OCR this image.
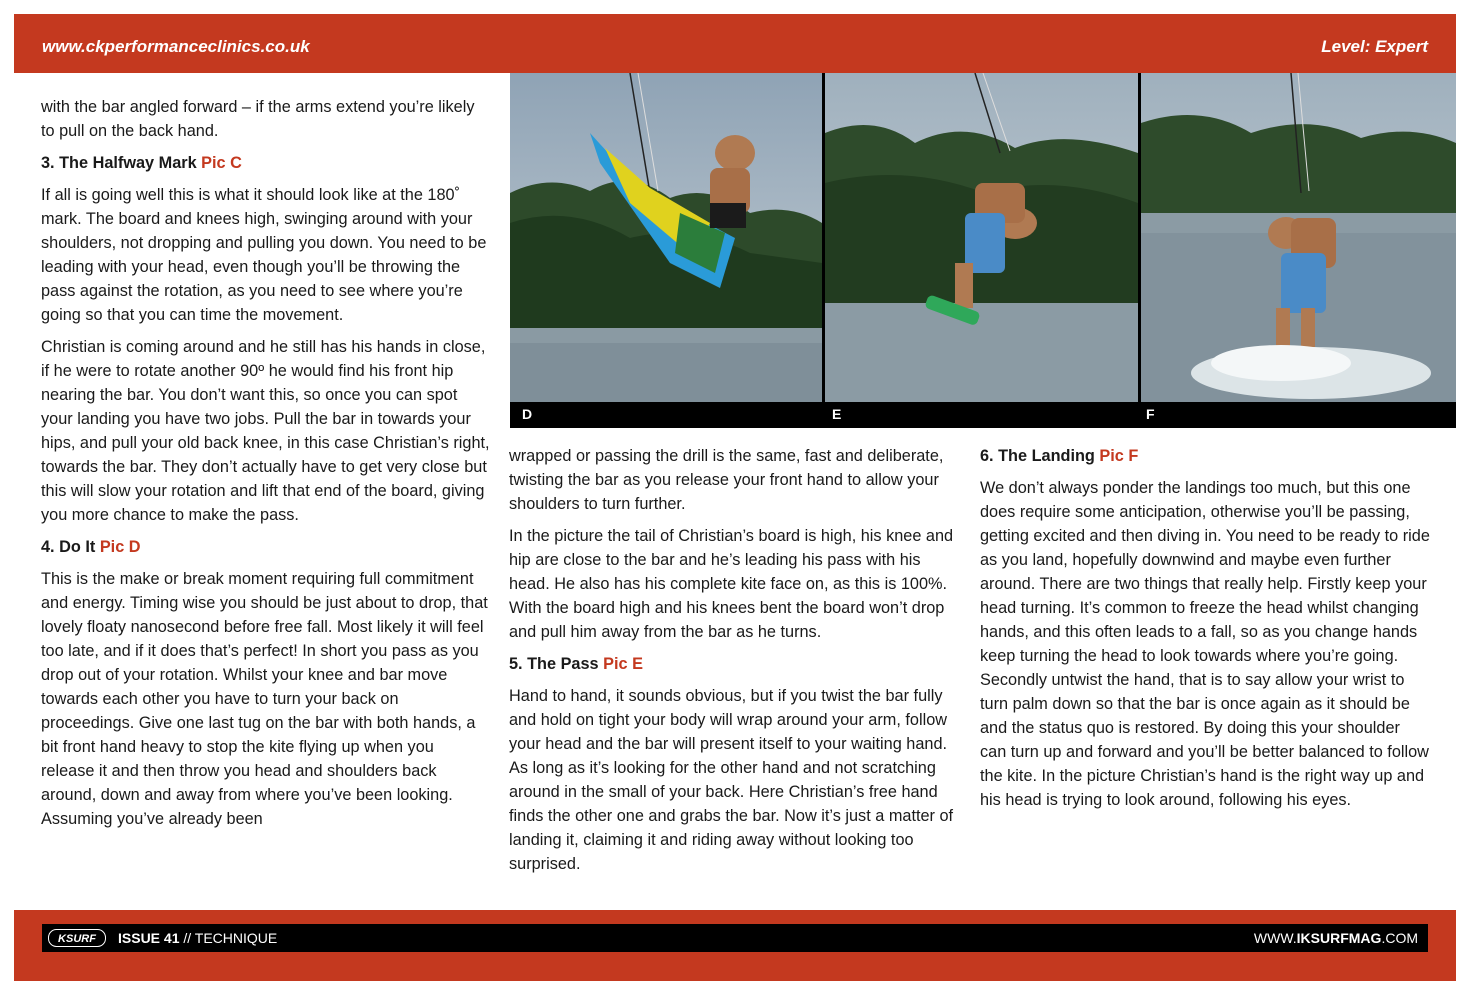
www.ckperformanceclinics.co.uk	Level: Expert

with the bar angled forward – if the arms extend you’re likely to pull on the back hand.

3. The Halfway Mark Pic C

If all is going well this is what it should look like at the 180˚ mark. The board and knees high, swinging around with your shoulders, not dropping and pulling you down. You need to be leading with your head, even though you’ll be throwing the pass against the rotation, as you need to see where you’re going so that you can time the movement.

Christian is coming around and he still has his hands in close, if he were to rotate another 90º he would find his front hip nearing the bar. You don’t want this, so once you can spot your landing you have two jobs. Pull the bar in towards your hips, and pull your old back knee, in this case Christian’s right, towards the bar. They don’t actually have to get very close but this will slow your rotation and lift that end of the board, giving you more chance to make the pass.

4. Do It Pic D

This is the make or break moment requiring full commitment and energy. Timing wise you should be just about to drop, that lovely floaty nanosecond before free fall. Most likely it will feel too late, and if it does that’s perfect! In short you pass as you drop out of your rotation. Whilst your knee and bar move towards each other you have to turn your back on proceedings. Give one last tug on the bar with both hands, a bit front hand heavy to stop the kite flying up when you release it and then throw you head and shoulders back around, down and away from where you’ve been looking. Assuming you’ve already been

D	E	F

wrapped or passing the drill is the same, fast and deliberate, twisting the bar as you release your front hand to allow your shoulders to turn further.

In the picture the tail of Christian’s board is high, his knee and hip are close to the bar and he’s leading his pass with his head. He also has his complete kite face on, as this is 100%. With the board high and his knees bent the board won’t drop and pull him away from the bar as he turns.

5. The Pass Pic E

Hand to hand, it sounds obvious, but if you twist the bar fully and hold on tight your body will wrap around your arm, follow your head and the bar will present itself to your waiting hand. As long as it’s looking for the other hand and not scratching around in the small of your back. Here Christian’s free hand finds the other one and grabs the bar. Now it’s just a matter of landing it, claiming it and riding away without looking too surprised.

6. The Landing Pic F

We don’t always ponder the landings too much, but this one does require some anticipation, otherwise you’ll be passing, getting excited and then diving in. You need to be ready to ride as you land, hopefully downwind and maybe even further around. There are two things that really help. Firstly keep your head turning. It’s common to freeze the head whilst changing hands, and this often leads to a fall, so as you change hands keep turning the head to look towards where you’re going. Secondly untwist the hand, that is to say allow your wrist to turn palm down so that the bar is once again as it should be and the status quo is restored. By doing this your shoulder can turn up and forward and you’ll be better balanced to follow the kite. In the picture Christian’s hand is the right way up and his head is trying to look around, following his eyes.

KSURF ISSUE 41 // TECHNIQUE	WWW.IKSURFMAG.COM
